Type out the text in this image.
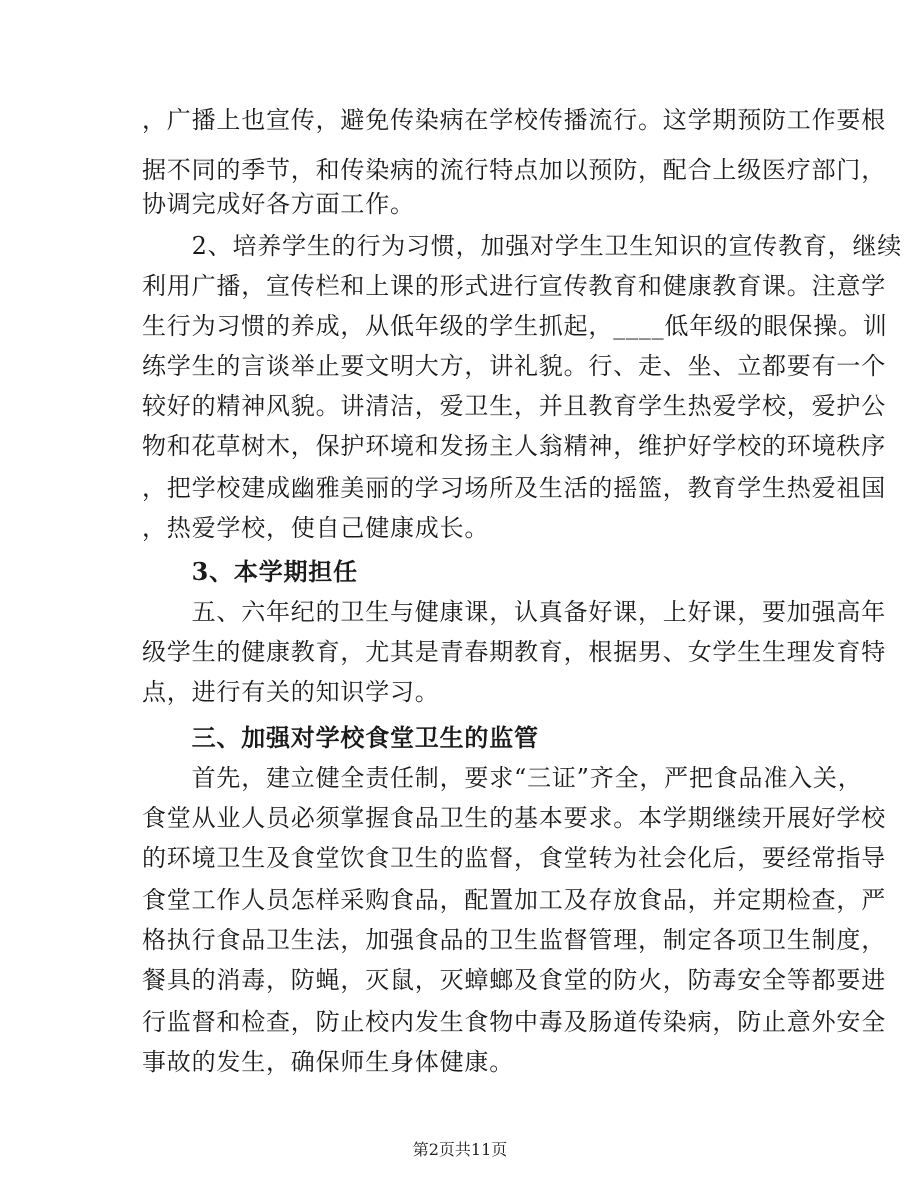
，广播上也宣传，避免传染病在学校传播流行。这学期预防工作要根
据不同的季节，和传染病的流行特点加以预防，配合上级医疗部门，
协调完成好各方面工作。
　　2、培养学生的行为习惯，加强对学生卫生知识的宣传教育，继续
利用广播，宣传栏和上课的形式进行宣传教育和健康教育课。注意学
生行为习惯的养成，从低年级的学生抓起，____低年级的眼保操。训
练学生的言谈举止要文明大方，讲礼貌。行、走、坐、立都要有一个
较好的精神风貌。讲清洁，爱卫生，并且教育学生热爱学校，爱护公
物和花草树木，保护环境和发扬主人翁精神，维护好学校的环境秩序
，把学校建成幽雅美丽的学习场所及生活的摇篮，教育学生热爱祖国
，热爱学校，使自己健康成长。
　　3、本学期担任
　　五、六年纪的卫生与健康课，认真备好课，上好课，要加强高年
级学生的健康教育，尤其是青春期教育，根据男、女学生生理发育特
点，进行有关的知识学习。
　　三、加强对学校食堂卫生的监管
　　首先，建立健全责任制，要求“三证”齐全，严把食品准入关，
食堂从业人员必须掌握食品卫生的基本要求。本学期继续开展好学校
的环境卫生及食堂饮食卫生的监督，食堂转为社会化后，要经常指导
食堂工作人员怎样采购食品，配置加工及存放食品，并定期检查，严
格执行食品卫生法，加强食品的卫生监督管理，制定各项卫生制度，
餐具的消毒，防蝇，灭鼠，灭蟑螂及食堂的防火，防毒安全等都要进
行监督和检查，防止校内发生食物中毒及肠道传染病，防止意外安全
事故的发生，确保师生身体健康。
第2页共11页
